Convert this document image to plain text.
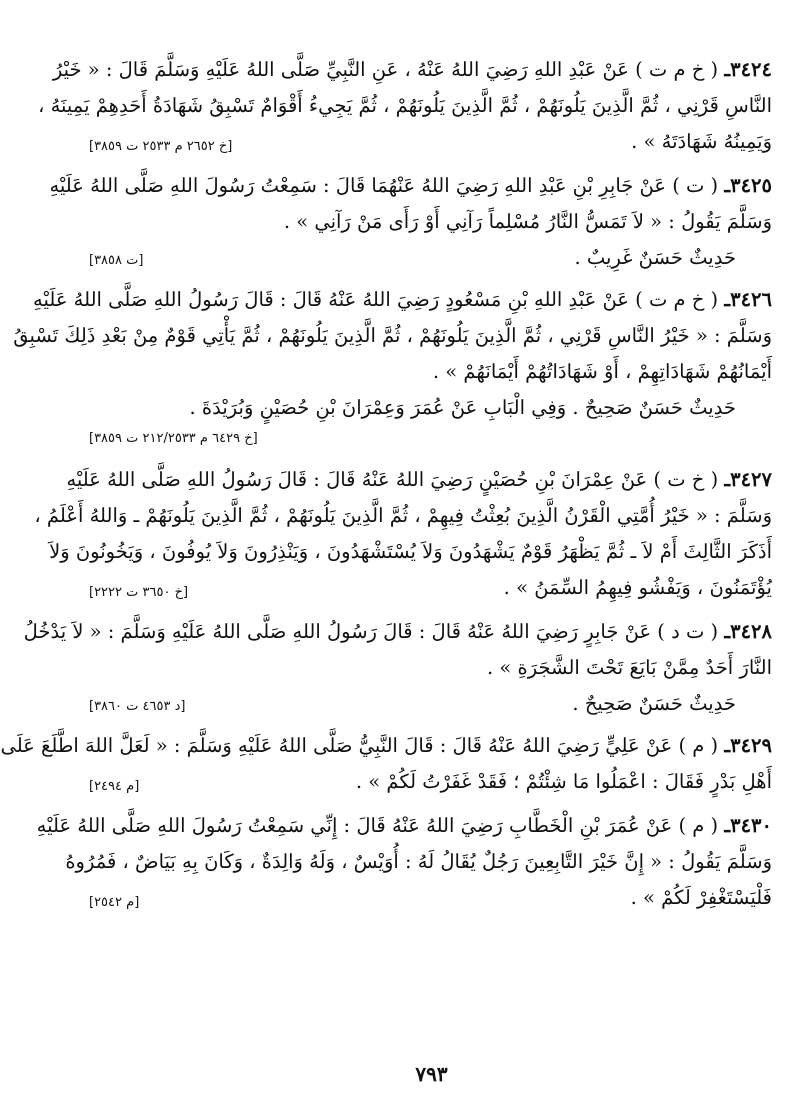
٣٤٢٤ـ ( خ م ت ) عَنْ عَبْدِ اللهِ رَضِيَ اللهُ عَنْهُ ، عَنِ النَّبِيِّ صَلَّى اللهُ عَلَيْهِ وَسَلَّمَ قَالَ : « خَيْرُ
النَّاسِ قَرْنِي ، ثُمَّ الَّذِينَ يَلُونَهُمْ ، ثُمَّ الَّذِينَ يَلُونَهُمْ ، ثُمَّ يَجِيءُ أَقْوَامٌ تَسْبِقُ شَهَادَةُ أَحَدِهِمْ يَمِينَهُ ،
وَيَمِينُهُ شَهَادَتَهُ » .
[خ ٢٦٥٢ م ٢٥٣٣ ت ٣٨٥٩]
٣٤٢٥ـ ( ت ) عَنْ جَابِرِ بْنِ عَبْدِ اللهِ رَضِيَ اللهُ عَنْهُمَا قَالَ : سَمِعْتُ رَسُولَ اللهِ صَلَّى اللهُ عَلَيْهِ
وَسَلَّمَ يَقُولُ : « لاَ تَمَسُّ النَّارُ مُسْلِماً رَآنِي أَوْ رَأَى مَنْ رَآنِي » .
حَدِيثٌ حَسَنٌ غَرِيبٌ .
[ت ٣٨٥٨]
٣٤٢٦ـ ( خ م ت ) عَنْ عَبْدِ اللهِ بْنِ مَسْعُودٍ رَضِيَ اللهُ عَنْهُ قَالَ : قَالَ رَسُولُ اللهِ صَلَّى اللهُ عَلَيْهِ
وَسَلَّمَ : « خَيْرُ النَّاسِ قَرْنِي ، ثُمَّ الَّذِينَ يَلُونَهُمْ ، ثُمَّ الَّذِينَ يَلُونَهُمْ ، ثُمَّ يَأْتِي قَوْمٌ مِنْ بَعْدِ ذَلِكَ تَسْبِقُ
أَيْمَانُهُمْ شَهَادَاتِهِمْ ، أَوْ شَهَادَاتُهُمْ أَيْمَانَهُمْ » .
حَدِيثٌ حَسَنٌ صَحِيحٌ . وَفِي الْبَابِ عَنْ عُمَرَ وَعِمْرَانَ بْنِ حُصَيْنٍ وَبُرَيْدَةَ .
[خ ٦٤٢٩ م ٢١٢/٢٥٣٣ ت ٣٨٥٩]
٣٤٢٧ـ ( خ ت ) عَنْ عِمْرَانَ بْنِ حُصَيْنٍ رَضِيَ اللهُ عَنْهُ قَالَ : قَالَ رَسُولُ اللهِ صَلَّى اللهُ عَلَيْهِ
وَسَلَّمَ : « خَيْرُ أُمَّتِي الْقَرْنُ الَّذِينَ بُعِثْتُ فِيهِمْ ، ثُمَّ الَّذِينَ يَلُونَهُمْ ، ثُمَّ الَّذِينَ يَلُونَهُمْ ـ وَاللهُ أَعْلَمُ ،
أَذَكَرَ الثَّالِثَ أَمْ لاَ ـ ثُمَّ يَظْهَرُ قَوْمٌ يَشْهَدُونَ وَلاَ يُسْتَشْهَدُونَ ، وَيَنْذِرُونَ وَلاَ يُوفُونَ ، وَيَخُونُونَ وَلاَ
يُؤْتَمَنُونَ ، وَيَفْشُو فِيهِمُ السِّمَنُ » .
[خ ٣٦٥٠ ت ٢٢٢٢]
٣٤٢٨ـ ( ت د ) عَنْ جَابِرٍ رَضِيَ اللهُ عَنْهُ قَالَ : قَالَ رَسُولُ اللهِ صَلَّى اللهُ عَلَيْهِ وَسَلَّمَ : « لاَ يَدْخُلُ
النَّارَ أَحَدٌ مِمَّنْ بَايَعَ تَحْتَ الشَّجَرَةِ » .
حَدِيثٌ حَسَنٌ صَحِيحٌ .
[د ٤٦٥٣ ت ٣٨٦٠]
٣٤٢٩ـ ( م ) عَنْ عَلِيٍّ رَضِيَ اللهُ عَنْهُ قَالَ : قَالَ النَّبِيُّ صَلَّى اللهُ عَلَيْهِ وَسَلَّمَ : « لَعَلَّ اللهَ اطَّلَعَ عَلَى
أَهْلِ بَدْرٍ فَقَالَ : اعْمَلُوا مَا شِئْتُمْ ؛ فَقَدْ غَفَرْتُ لَكُمْ » .
[م ٢٤٩٤]
٣٤٣٠ـ ( م ) عَنْ عُمَرَ بْنِ الْخَطَّابِ رَضِيَ اللهُ عَنْهُ قَالَ : إِنِّي سَمِعْتُ رَسُولَ اللهِ صَلَّى اللهُ عَلَيْهِ
وَسَلَّمَ يَقُولُ : « إِنَّ خَيْرَ التَّابِعِينَ رَجُلٌ يُقَالُ لَهُ : أُوَيْسٌ ، وَلَهُ وَالِدَةٌ ، وَكَانَ بِهِ بَيَاضٌ ، فَمُرُوهُ
فَلْيَسْتَغْفِرْ لَكُمْ » .
[م ٢٥٤٢]
٧٩٣
